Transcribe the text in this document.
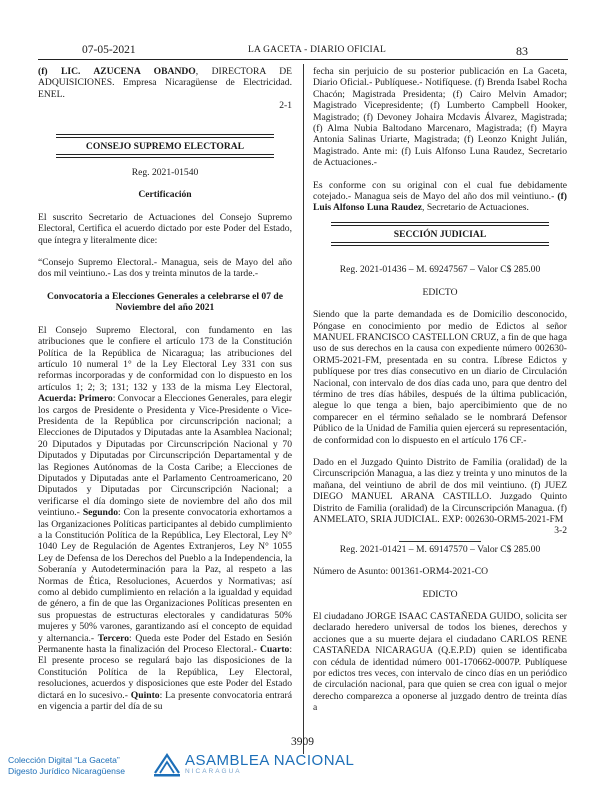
07-05-2021	LA GACETA - DIARIO OFICIAL	83

(f) LIC. AZUCENA OBANDO, DIRECTORA DE ADQUISICIONES. Empresa Nicaragüense de Electricidad. ENEL.

2-1

CONSEJO SUPREMO ELECTORAL

Reg. 2021-01540

Certificación

El suscrito Secretario de Actuaciones del Consejo Supremo Electoral, Certifica el acuerdo dictado por este Poder del Estado, que íntegra y literalmente dice:

“Consejo Supremo Electoral.- Managua, seis de Mayo del año dos mil veintiuno.- Las dos y treinta minutos de la tarde.-

Convocatoria a Elecciones Generales a celebrarse el 07 de Noviembre del año 2021

El Consejo Supremo Electoral, con fundamento en las atribuciones que le confiere el artículo 173 de la Constitución Política de la República de Nicaragua; las atribuciones del artículo 10 numeral 1° de la Ley Electoral Ley 331 con sus reformas incorporadas y de conformidad con lo dispuesto en los artículos 1; 2; 3; 131; 132 y 133 de la misma Ley Electoral, Acuerda: Primero: Convocar a Elecciones Generales, para elegir los cargos de Presidente o Presidenta y Vice-Presidente o Vice-Presidenta de la República por circunscripción nacional; a Elecciones de Diputados y Diputadas ante la Asamblea Nacional; 20 Diputados y Diputadas por Circunscripción Nacional y 70 Diputados y Diputadas por Circunscripción Departamental y de las Regiones Autónomas de la Costa Caribe; a Elecciones de Diputados y Diputadas ante el Parlamento Centroamericano, 20 Diputados y Diputadas por Circunscripción Nacional; a verificarse el día domingo siete de noviembre del año dos mil veintiuno.- Segundo: Con la presente convocatoria exhortamos a las Organizaciones Políticas participantes al debido cumplimiento a la Constitución Política de la República, Ley Electoral, Ley N° 1040 Ley de Regulación de Agentes Extranjeros, Ley N° 1055 Ley de Defensa de los Derechos del Pueblo a la Independencia, la Soberanía y Autodeterminación para la Paz, al respeto a las Normas de Ética, Resoluciones, Acuerdos y Normativas; así como al debido cumplimiento en relación a la igualdad y equidad de género, a fin de que las Organizaciones Políticas presenten en sus propuestas de estructuras electorales y candidaturas 50% mujeres y 50% varones, garantizando así el concepto de equidad y alternancia.- Tercero: Queda este Poder del Estado en Sesión Permanente hasta la finalización del Proceso Electoral.- Cuarto: El presente proceso se regulará bajo las disposiciones de la Constitución Política de la República, Ley Electoral, resoluciones, acuerdos y disposiciones que este Poder del Estado dictará en lo sucesivo.- Quinto: La presente convocatoria entrará en vigencia a partir del día de su

fecha sin perjuicio de su posterior publicación en La Gaceta, Diario Oficial.- Publíquese.- Notifíquese. (f) Brenda Isabel Rocha Chacón; Magistrada Presidenta; (f) Cairo Melvin Amador; Magistrado Vicepresidente; (f) Lumberto Campbell Hooker, Magistrado; (f) Devoney Johaira Mcdavis Álvarez, Magistrada; (f) Alma Nubia Baltodano Marcenaro, Magistrada; (f) Mayra Antonia Salinas Uriarte, Magistrada; (f) Leonzo Knight Julián, Magistrado. Ante mi: (f) Luis Alfonso Luna Raudez, Secretario de Actuaciones.-

Es conforme con su original con el cual fue debidamente cotejado.- Managua seis de Mayo del año dos mil veintiuno.- (f) Luis Alfonso Luna Raudez, Secretario de Actuaciones.

SECCIÓN JUDICIAL

Reg. 2021-01436 – M. 69247567 – Valor C$ 285.00

EDICTO

Siendo que la parte demandada es de Domicilio desconocido, Póngase en conocimiento por medio de Edictos al señor MANUEL FRANCISCO CASTELLON CRUZ, a fin de que haga uso de sus derechos en la causa con expediente número 002630-ORM5-2021-FM, presentada en su contra. Líbrese Edictos y publíquese por tres días consecutivo en un diario de Circulación Nacional, con intervalo de dos días cada uno, para que dentro del término de tres días hábiles, después de la última publicación, alegue lo que tenga a bien, bajo apercibimiento que de no comparecer en el término señalado se le nombrará Defensor Público de la Unidad de Familia quien ejercerá su representación, de conformidad con lo dispuesto en el artículo 176 CF.-

Dado en el Juzgado Quinto Distrito de Familia (oralidad) de la Circunscripción Managua, a las diez y treinta y uno minutos de la mañana, del veintiuno de abril de dos mil veintiuno. (f) JUEZ DIEGO MANUEL ARANA CASTILLO. Juzgado Quinto Distrito de Familia (oralidad) de la Circunscripción Managua. (f) ANMELATO, SRIA JUDICIAL. EXP: 002630-ORM5-2021-FM

3-2

Reg. 2021-01421 – M. 69147570 – Valor C$ 285.00

Número de Asunto: 001361-ORM4-2021-CO

EDICTO

El ciudadano JORGE ISAAC CASTAÑEDA GUIDO, solicita ser declarado heredero universal de todos los bienes, derechos y acciones que a su muerte dejara el ciudadano CARLOS RENE CASTAÑEDA NICARAGUA (Q.E.P.D) quien se identificaba con cédula de identidad número 001-170662-0007P. Publíquese por edictos tres veces, con intervalo de cinco días en un periódico de circulación nacional, para que quien se crea con igual o mejor derecho comparezca a oponerse al juzgado dentro de treinta días a

3909
Colección Digital “La Gaceta”
Digesto Jurídico Nicaragüense
ASAMBLEA NACIONAL
NICARAGUA
